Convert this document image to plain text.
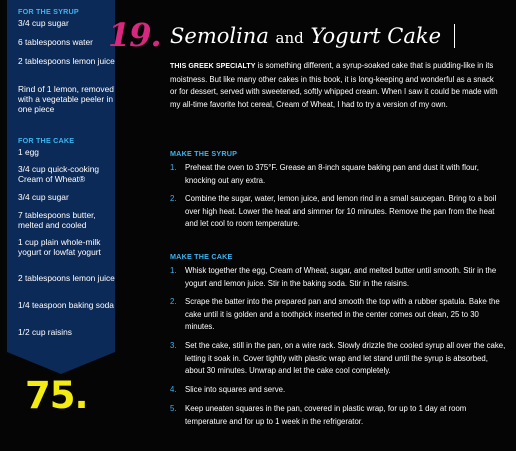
FOR THE SYRUP
3/4 cup sugar
6 tablespoons water
2 tablespoons lemon juice
Rind of 1 lemon, removed with a vegetable peeler in one piece
FOR THE CAKE
1 egg
3/4 cup quick-cooking Cream of Wheat®
3/4 cup sugar
7 tablespoons butter, melted and cooled
1 cup plain whole-milk yogurt or lowfat yogurt
2 tablespoons lemon juice
1/4 teaspoon baking soda
1/2 cup raisins
19. Semolina and Yogurt Cake
THIS GREEK SPECIALTY is something different, a syrup-soaked cake that is pudding-like in its moistness. But like many other cakes in this book, it is long-keeping and wonderful as a snack or for dessert, served with sweetened, softly whipped cream. When I saw it could be made with my all-time favorite hot cereal, Cream of Wheat, I had to try a version of my own.
MAKE THE SYRUP
1.	Preheat the oven to 375°F. Grease an 8-inch square baking pan and dust it with flour, knocking out any extra.
2.	Combine the sugar, water, lemon juice, and lemon rind in a small saucepan. Bring to a boil over high heat. Lower the heat and simmer for 10 minutes. Remove the pan from the heat and let cool to room temperature.
MAKE THE CAKE
1.	Whisk together the egg, Cream of Wheat, sugar, and melted butter until smooth. Stir in the yogurt and lemon juice. Stir in the baking soda. Stir in the raisins.
2.	Scrape the batter into the prepared pan and smooth the top with a rubber spatula. Bake the cake until it is golden and a toothpick inserted in the center comes out clean, 25 to 30 minutes.
3.	Set the cake, still in the pan, on a wire rack. Slowly drizzle the cooled syrup all over the cake, letting it soak in. Cover tightly with plastic wrap and let stand until the syrup is absorbed, about 30 minutes. Unwrap and let the cake cool completely.
4.	Slice into squares and serve.
5.	Keep uneaten squares in the pan, covered in plastic wrap, for up to 1 day at room temperature and for up to 1 week in the refrigerator.
75.
